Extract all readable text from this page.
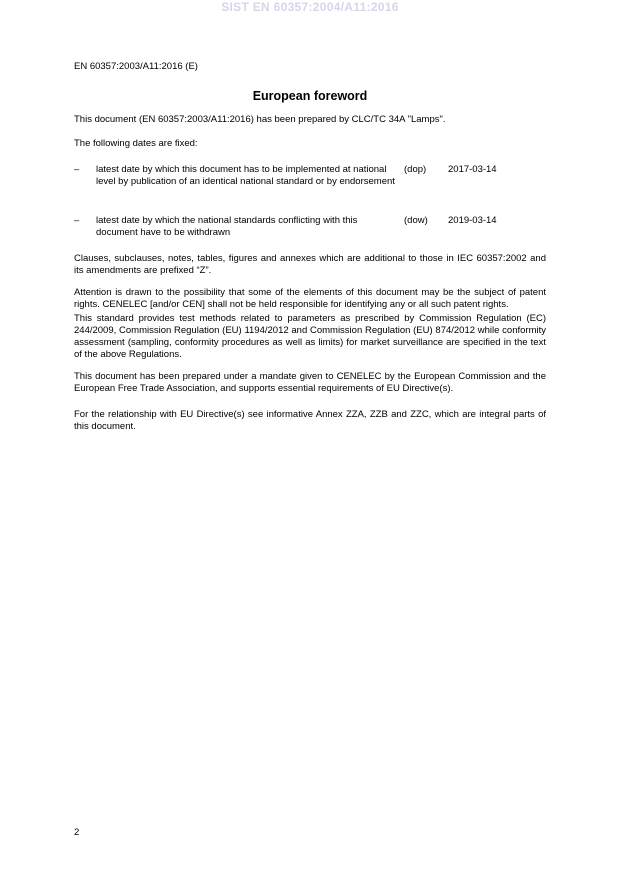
SIST EN 60357:2004/A11:2016
EN 60357:2003/A11:2016 (E)
European foreword

This document (EN 60357:2003/A11:2016) has been prepared by CLC/TC 34A "Lamps".

The following dates are fixed:

– latest date by which this document has to be implemented at national level by publication of an identical national standard or by endorsement
(dop) 2017-03-14
– latest date by which the national standards conflicting with this document have to be withdrawn
(dow) 2019-03-14

Clauses, subclauses, notes, tables, figures and annexes which are additional to those in IEC 60357:2002 and its amendments are prefixed “Z”.

Attention is drawn to the possibility that some of the elements of this document may be the subject of patent rights. CENELEC [and/or CEN] shall not be held responsible for identifying any or all such patent rights.

This standard provides test methods related to parameters as prescribed by Commission Regulation (EC) 244/2009, Commission Regulation (EU) 1194/2012 and Commission Regulation (EU) 874/2012 while conformity assessment (sampling, conformity procedures as well as limits) for market surveillance are specified in the text of the above Regulations.

This document has been prepared under a mandate given to CENELEC by the European Commission and the European Free Trade Association, and supports essential requirements of EU Directive(s).

For the relationship with EU Directive(s) see informative Annex ZZA, ZZB and ZZC, which are integral parts of this document.

2
